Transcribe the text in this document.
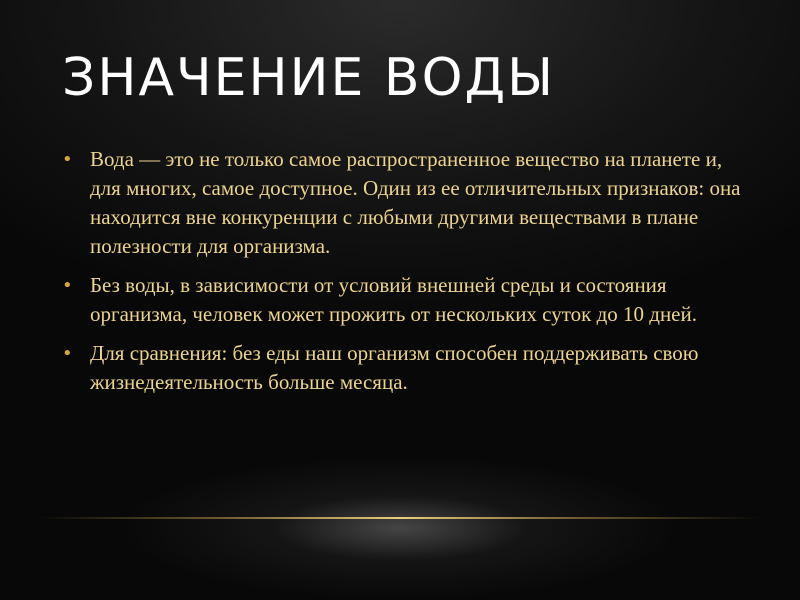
ЗНАЧЕНИЕ ВОДЫ
• Вода — это не только самое распространенное вещество на планете и, для многих, самое доступное. Один из ее отличительных признаков: она находится вне конкуренции с любыми другими веществами в плане полезности для организма.
• Без воды, в зависимости от условий внешней среды и состояния организма, человек может прожить от нескольких суток до 10 дней.
• Для сравнения: без еды наш организм способен поддерживать свою жизнедеятельность больше месяца.
